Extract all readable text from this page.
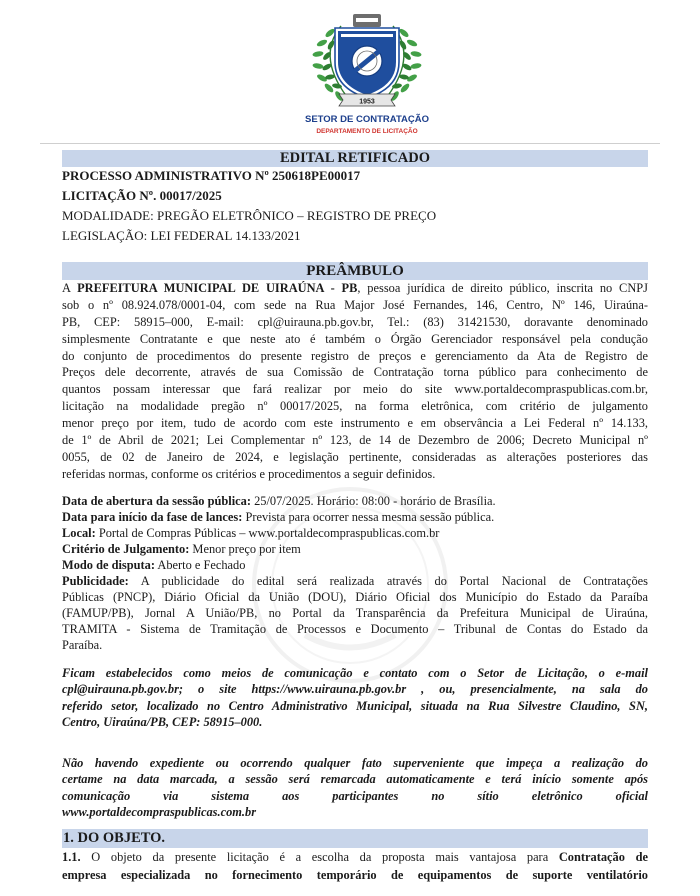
1953
SETOR DE CONTRATAÇÃO
DEPARTAMENTO DE LICITAÇÃO
EDITAL RETIFICADO
PROCESSO ADMINISTRATIVO Nº 250618PE00017
LICITAÇÃO Nº. 00017/2025
MODALIDADE: PREGÃO ELETRÔNICO – REGISTRO DE PREÇO
LEGISLAÇÃO: LEI FEDERAL 14.133/2021
PREÂMBULO
A PREFEITURA MUNICIPAL DE UIRAÚNA - PB, pessoa jurídica de direito público, inscrita no CNPJ
sob o nº 08.924.078/0001-04, com sede na Rua Major José Fernandes, 146, Centro, Nº 146, Uiraúna-
PB, CEP: 58915–000, E-mail: cpl@uirauna.pb.gov.br, Tel.: (83) 31421530, doravante denominado
simplesmente Contratante e que neste ato é também o Órgão Gerenciador responsável pela condução
do conjunto de procedimentos do presente registro de preços e gerenciamento da Ata de Registro de
Preços dele decorrente, através de sua Comissão de Contratação torna público para conhecimento de
quantos possam interessar que fará realizar por meio do site www.portaldecompraspublicas.com.br,
licitação na modalidade pregão nº 00017/2025, na forma eletrônica, com critério de julgamento
menor preço por item, tudo de acordo com este instrumento e em observância a Lei Federal nº 14.133,
de 1º de Abril de 2021; Lei Complementar nº 123, de 14 de Dezembro de 2006; Decreto Municipal nº
0055, de 02 de Janeiro de 2024, e legislação pertinente, consideradas as alterações posteriores das
referidas normas, conforme os critérios e procedimentos a seguir definidos.
Data de abertura da sessão pública: 25/07/2025. Horário: 08:00 - horário de Brasília.
Data para início da fase de lances: Prevista para ocorrer nessa mesma sessão pública.
Local: Portal de Compras Públicas – www.portaldecompraspublicas.com.br
Critério de Julgamento: Menor preço por item
Modo de disputa: Aberto e Fechado
Publicidade: A publicidade do edital será realizada através do Portal Nacional de Contratações
Públicas (PNCP), Diário Oficial da União (DOU), Diário Oficial dos Município do Estado da Paraíba
(FAMUP/PB), Jornal A União/PB, no Portal da Transparência da Prefeitura Municipal de Uiraúna,
TRAMITA - Sistema de Tramitação de Processos e Documento – Tribunal de Contas do Estado da
Paraíba.
Ficam estabelecidos como meios de comunicação e contato com o Setor de Licitação, o e-mail
cpl@uirauna.pb.gov.br; o site https://www.uirauna.pb.gov.br , ou, presencialmente, na sala do
referido setor, localizado no Centro Administrativo Municipal, situada na Rua Silvestre Claudino, SN,
Centro, Uiraúna/PB, CEP: 58915–000.
Não havendo expediente ou ocorrendo qualquer fato superveniente que impeça a realização do
certame na data marcada, a sessão será remarcada automaticamente e terá início somente após
comunicação via sistema aos participantes no sítio eletrônico oficial
www.portaldecompraspublicas.com.br
1. DO OBJETO.
1.1. O objeto da presente licitação é a escolha da proposta mais vantajosa para Contratação de
empresa especializada no fornecimento temporário de equipamentos de suporte ventilatório
